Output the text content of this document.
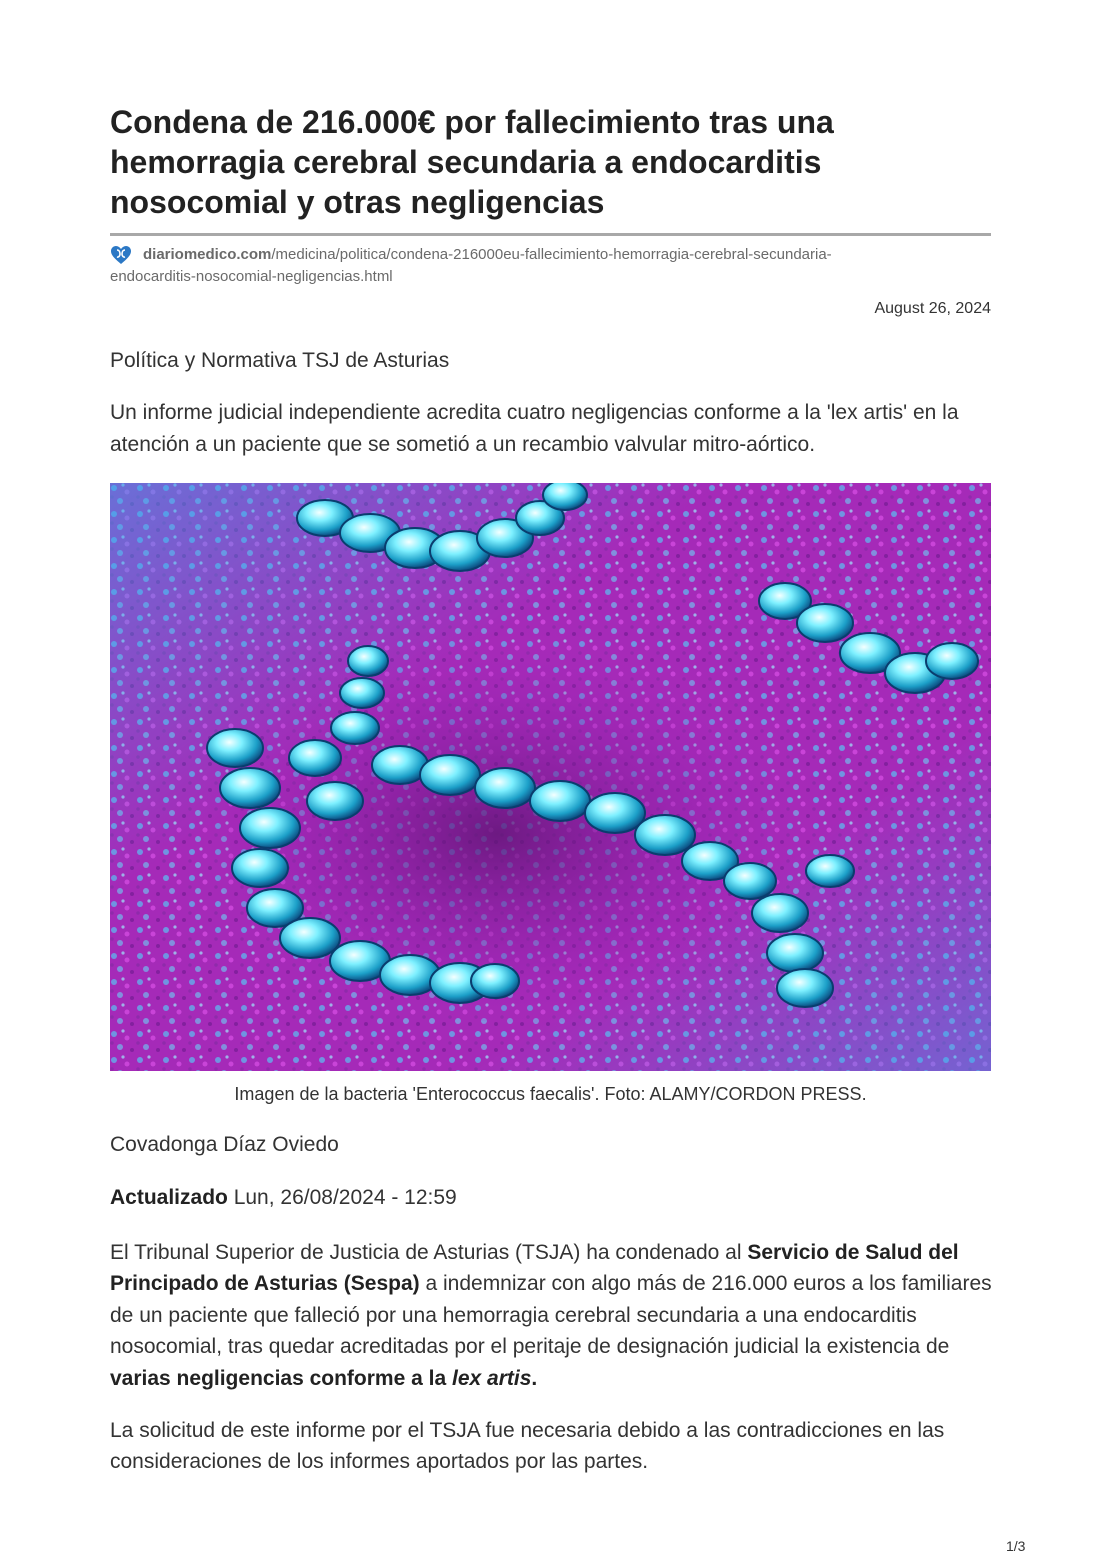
Condena de 216.000€ por fallecimiento tras una hemorragia cerebral secundaria a endocarditis nosocomial y otras negligencias
diariomedico.com/medicina/politica/condena-216000eu-fallecimiento-hemorragia-cerebral-secundaria-
endocarditis-nosocomial-negligencias.html
August 26, 2024
Política y Normativa TSJ de Asturias

Un informe judicial independiente acredita cuatro negligencias conforme a la 'lex artis' en la atención a un paciente que se sometió a un recambio valvular mitro-aórtico.

Imagen de la bacteria 'Enterococcus faecalis'. Foto: ALAMY/CORDON PRESS.
Covadonga Díaz Oviedo
Actualizado Lun, 26/08/2024 - 12:59

El Tribunal Superior de Justicia de Asturias (TSJA) ha condenado al Servicio de Salud del Principado de Asturias (Sespa) a indemnizar con algo más de 216.000 euros a los familiares de un paciente que falleció por una hemorragia cerebral secundaria a una endocarditis nosocomial, tras quedar acreditadas por el peritaje de designación judicial la existencia de varias negligencias conforme a la lex artis.

La solicitud de este informe por el TSJA fue necesaria debido a las contradicciones en las consideraciones de los informes aportados por las partes.

1/3
